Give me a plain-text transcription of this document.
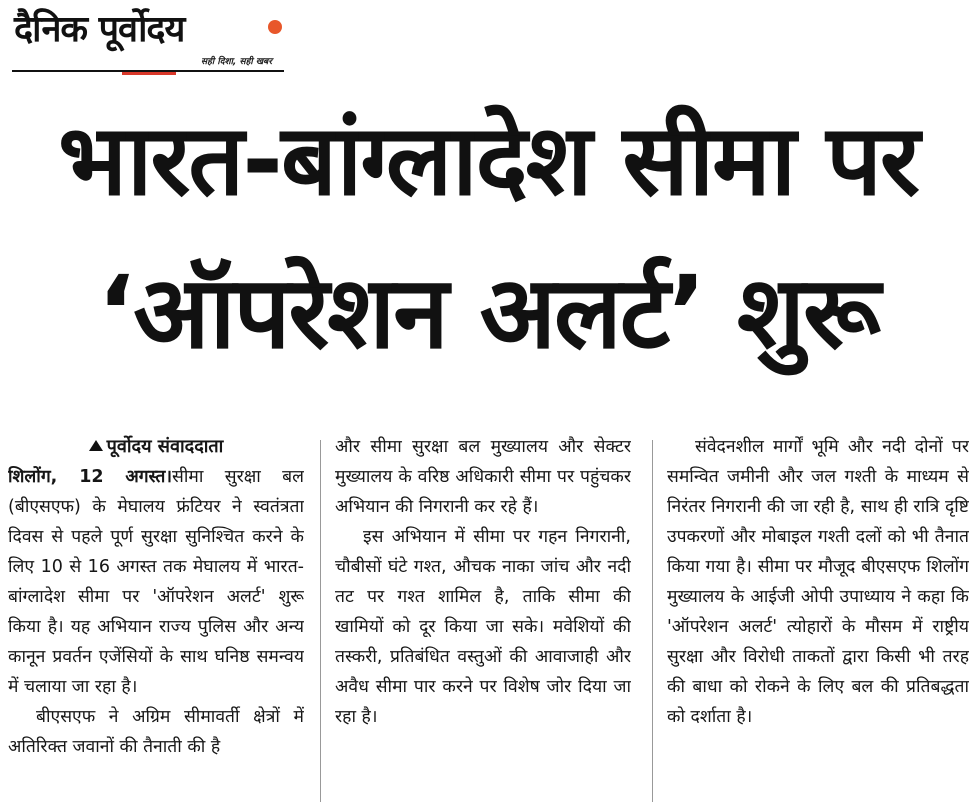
दैनिक पूर्वोदय
सही दिशा, सही खबर
भारत-बांग्लादेश सीमा पर
‘ऑपरेशन अलर्ट’ शुरू
पूर्वोदय संवाददाता

शिलोंग, 12 अगस्त।सीमा सुरक्षा बल (बीएसएफ) के मेघालय फ्रंटियर ने स्वतंत्रता दिवस से पहले पूर्ण सुरक्षा सुनिश्चित करने के लिए 10 से 16 अगस्त तक मेघालय में भारत-बांग्लादेश सीमा पर 'ऑपरेशन अलर्ट' शुरू किया है। यह अभियान राज्य पुलिस और अन्य कानून प्रवर्तन एजेंसियों के साथ घनिष्ठ समन्वय में चलाया जा रहा है।

बीएसएफ ने अग्रिम सीमावर्ती क्षेत्रों में अतिरिक्त जवानों की तैनाती की है

और सीमा सुरक्षा बल मुख्यालय और सेक्टर मुख्यालय के वरिष्ठ अधिकारी सीमा पर पहुंचकर अभियान की निगरानी कर रहे हैं।

इस अभियान में सीमा पर गहन निगरानी, चौबीसों घंटे गश्त, औचक नाका जांच और नदी तट पर गश्त शामिल है, ताकि सीमा की खामियों को दूर किया जा सके। मवेशियों की तस्करी, प्रतिबंधित वस्तुओं की आवाजाही और अवैध सीमा पार करने पर विशेष जोर दिया जा रहा है।

संवेदनशील मार्गों भूमि और नदी दोनों पर समन्वित जमीनी और जल गश्ती के माध्यम से निरंतर निगरानी की जा रही है, साथ ही रात्रि दृष्टि उपकरणों और मोबाइल गश्ती दलों को भी तैनात किया गया है। सीमा पर मौजूद बीएसएफ शिलोंग मुख्यालय के आईजी ओपी उपाध्याय ने कहा कि 'ऑपरेशन अलर्ट' त्योहारों के मौसम में राष्ट्रीय सुरक्षा और विरोधी ताकतों द्वारा किसी भी तरह की बाधा को रोकने के लिए बल की प्रतिबद्धता को दर्शाता है।
